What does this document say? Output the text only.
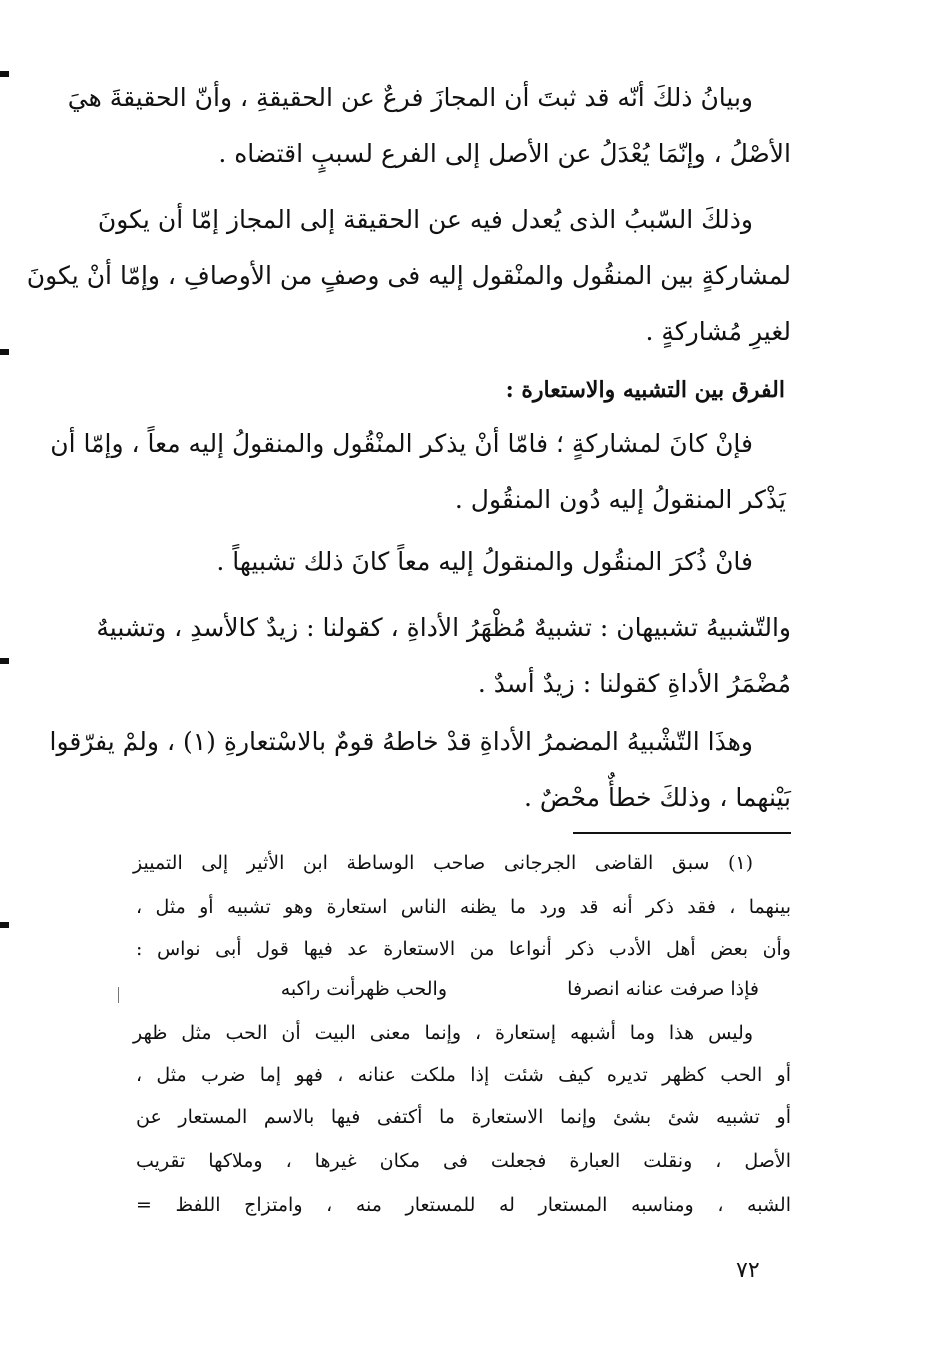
وبيانُ ذلكَ أنّه قد ثبتَ أن المجازَ فرعٌ عن الحقيقةِ ، وأنّ الحقيقةَ هيَ
الأصْلُ ، وإنّمَا يُعْدَلُ عن الأصل إلى الفرع لسببٍ اقتضاه .
وذلكَ السّببُ الذى يُعدل فيه عن الحقيقة إلى المجاز إمّا أن يكونَ
لمشاركةٍ بين المنقُول والمنْقول إليه فى وصفٍ من الأوصافِ ، وإمّا أنْ يكونَ
لغيرِ مُشاركةٍ .
الفرق بين التشبيه والاستعارة :
فإنْ كانَ لمشاركةٍ ؛ فامّا أنْ يذكر المنْقُول والمنقولُ إليه معاً ، وإمّا أن
يَذْكر المنقولُ إليه دُون المنقُول .
فانْ ذُكرَ المنقُول والمنقولُ إليه معاً كانَ ذلك تشبيهاً .
والتّشبيهُ تشبيهان : تشبيهٌ مُظْهَرُ الأداةِ ، كقولنا : زيدٌ كالأسدِ ، وتشبيهٌ
مُضْمَرُ الأداةِ كقولنا : زيدٌ أسدٌ .
وهذَا التّشْبيهُ المضمرُ الأداةِ قدْ خاطهُ قومٌ بالاسْتعارةِ (١) ، ولمْ يفرّقوا
بَيْنهما ، وذلكَ خطأٌ محْضٌ .
(١) سبق القاضى الجرجانى صاحب الوساطة ابن الأثير إلى التمييز
بينهما ، فقد ذكر أنه قد ورد ما يظنه الناس استعارة وهو تشبيه أو مثل ،
وأن بعض أهل الأدب ذكر أنواعا من الاستعارة عد فيها قول أبى نواس :
والحب ظهرأنت راكبه	فإذا صرفت عنانه انصرفا
وليس هذا وما أشبهه إستعارة ، وإنما معنى البيت أن الحب مثل ظهر
أو الحب كظهر تديره كيف شئت إذا ملكت عنانه ، فهو إما ضرب مثل ،
أو تشبيه شئ بشئ وإنما الاستعارة ما أكتفى فيها بالاسم المستعار عن
الأصل ، ونقلت العبارة فجعلت فى مكان غيرها ، وملاكها تقريب
الشبه ، ومناسبه المستعار له للمستعار منه ، وامتزاج اللفظ =
٧٢
